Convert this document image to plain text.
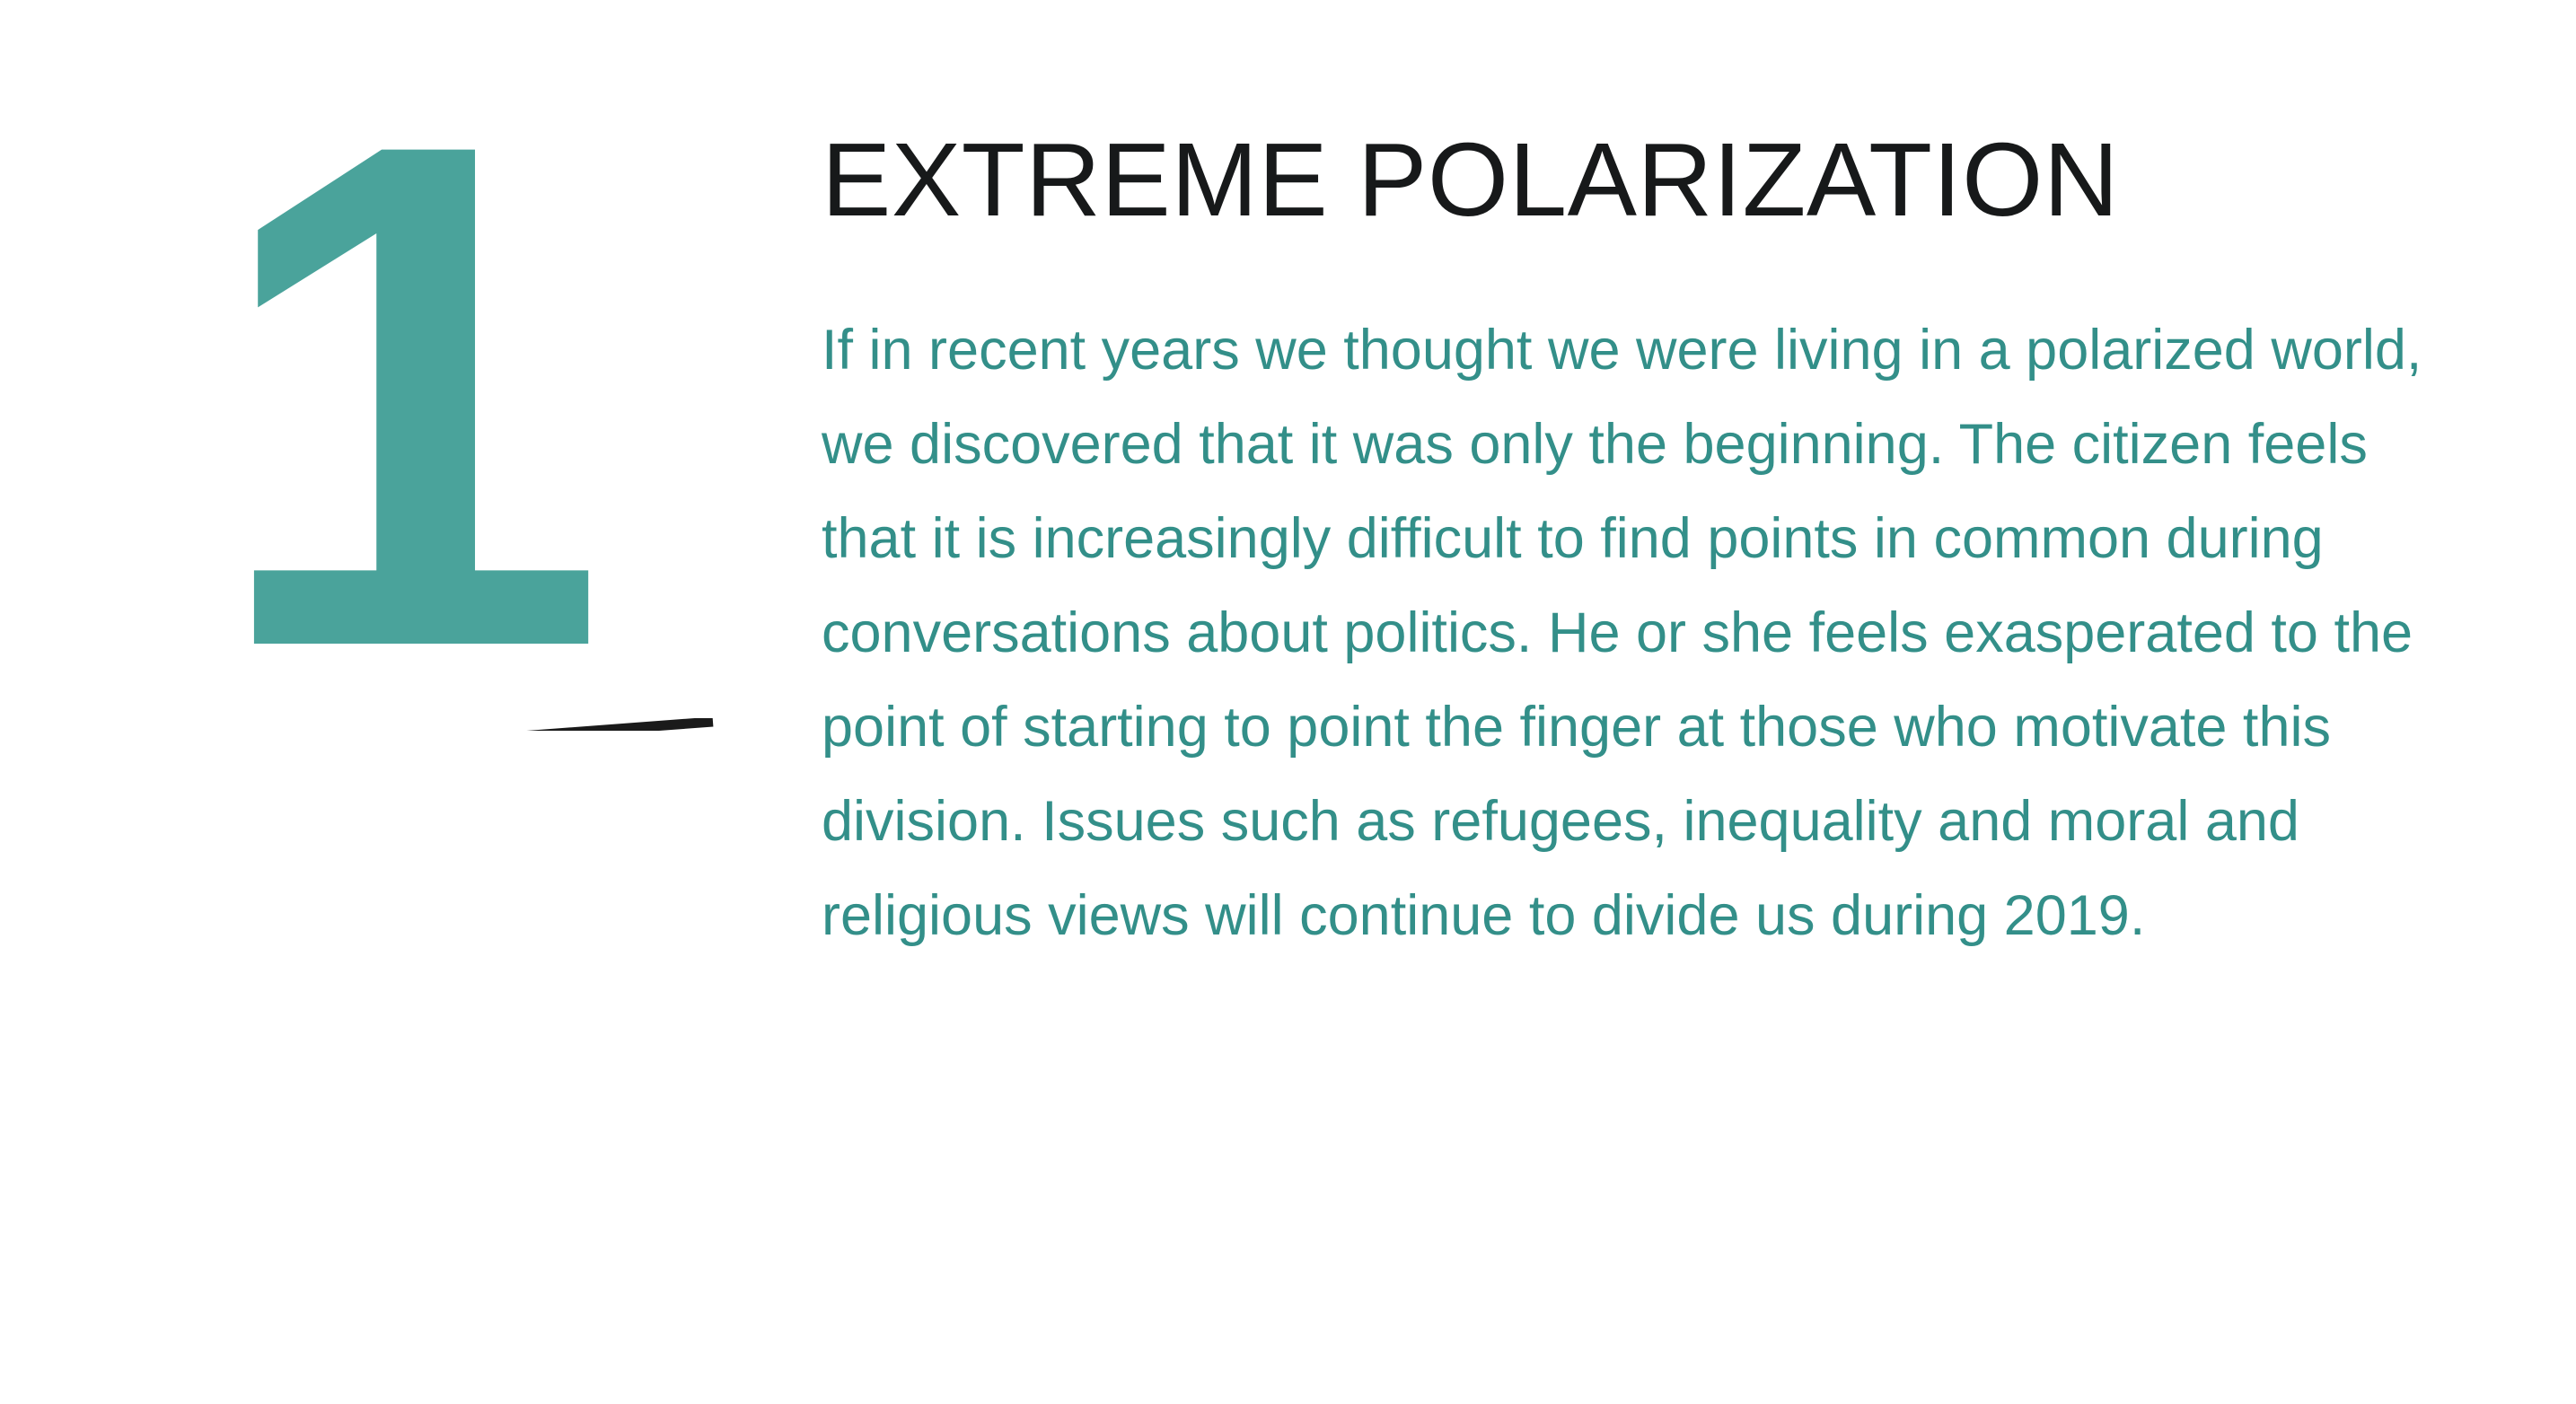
1	EXTREME POLARIZATION

If in recent years we thought we were living in a polarized world, we discovered that it was only the beginning. The citizen feels that it is increasingly difficult to find points in common during conversations about politics. He or she feels exasperated to the point of starting to point the finger at those who motivate this division. Issues such as refugees, inequality and moral and religious views will continue to divide us during 2019.
